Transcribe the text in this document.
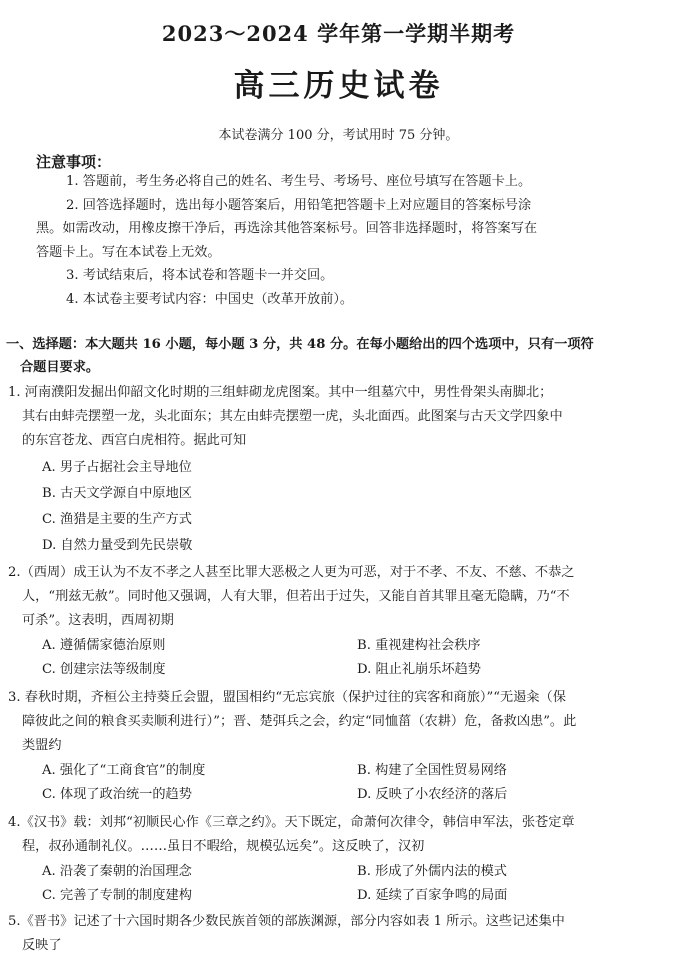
2023～2024 学年第一学期半期考
高三历史试卷
本试卷满分 100 分，考试用时 75 分钟。
注意事项：
1. 答题前，考生务必将自己的姓名、考生号、考场号、座位号填写在答题卡上。
2. 回答选择题时，选出每小题答案后，用铅笔把答题卡上对应题目的答案标号涂
黑。如需改动，用橡皮擦干净后，再选涂其他答案标号。回答非选择题时，将答案写在
答题卡上。写在本试卷上无效。
3. 考试结束后，将本试卷和答题卡一并交回。
4. 本试卷主要考试内容：中国史（改革开放前）。
一、选择题：本大题共 16 小题，每小题 3 分，共 48 分。在每小题给出的四个选项中，只有一项符
合题目要求。
1. 河南濮阳发掘出仰韶文化时期的三组蚌砌龙虎图案。其中一组墓穴中，男性骨架头南脚北；
其右由蚌壳摆塑一龙，头北面东；其左由蚌壳摆塑一虎，头北面西。此图案与古天文学四象中
的东宫苍龙、西宫白虎相符。据此可知
A. 男子占据社会主导地位
B. 古天文学源自中原地区
C. 渔猎是主要的生产方式
D. 自然力量受到先民崇敬
2.（西周）成王认为不友不孝之人甚至比罪大恶极之人更为可恶，对于不孝、不友、不慈、不恭之
人，“刑兹无赦”。同时他又强调，人有大罪，但若出于过失，又能自首其罪且毫无隐瞒，乃“不
可杀”。这表明，西周初期
A. 遵循儒家德治原则	B. 重视建构社会秩序
C. 创建宗法等级制度	D. 阻止礼崩乐坏趋势
3. 春秋时期，齐桓公主持葵丘会盟，盟国相约“无忘宾旅（保护过往的宾客和商旅）”“无遏籴（保
障彼此之间的粮食买卖顺利进行）”；晋、楚弭兵之会，约定“同恤菑（农耕）危，备救凶患”。此
类盟约
A. 强化了“工商食官”的制度	B. 构建了全国性贸易网络
C. 体现了政治统一的趋势	D. 反映了小农经济的落后
4.《汉书》载：刘邦“初顺民心作《三章之约》。天下既定，命萧何次律令，韩信申军法，张苍定章
程，叔孙通制礼仪。……虽日不暇给，规模弘远矣”。这反映了，汉初
A. 沿袭了秦朝的治国理念	B. 形成了外儒内法的模式
C. 完善了专制的制度建构	D. 延续了百家争鸣的局面
5.《晋书》记述了十六国时期各少数民族首领的部族渊源，部分内容如表 1 所示。这些记述集中
反映了
